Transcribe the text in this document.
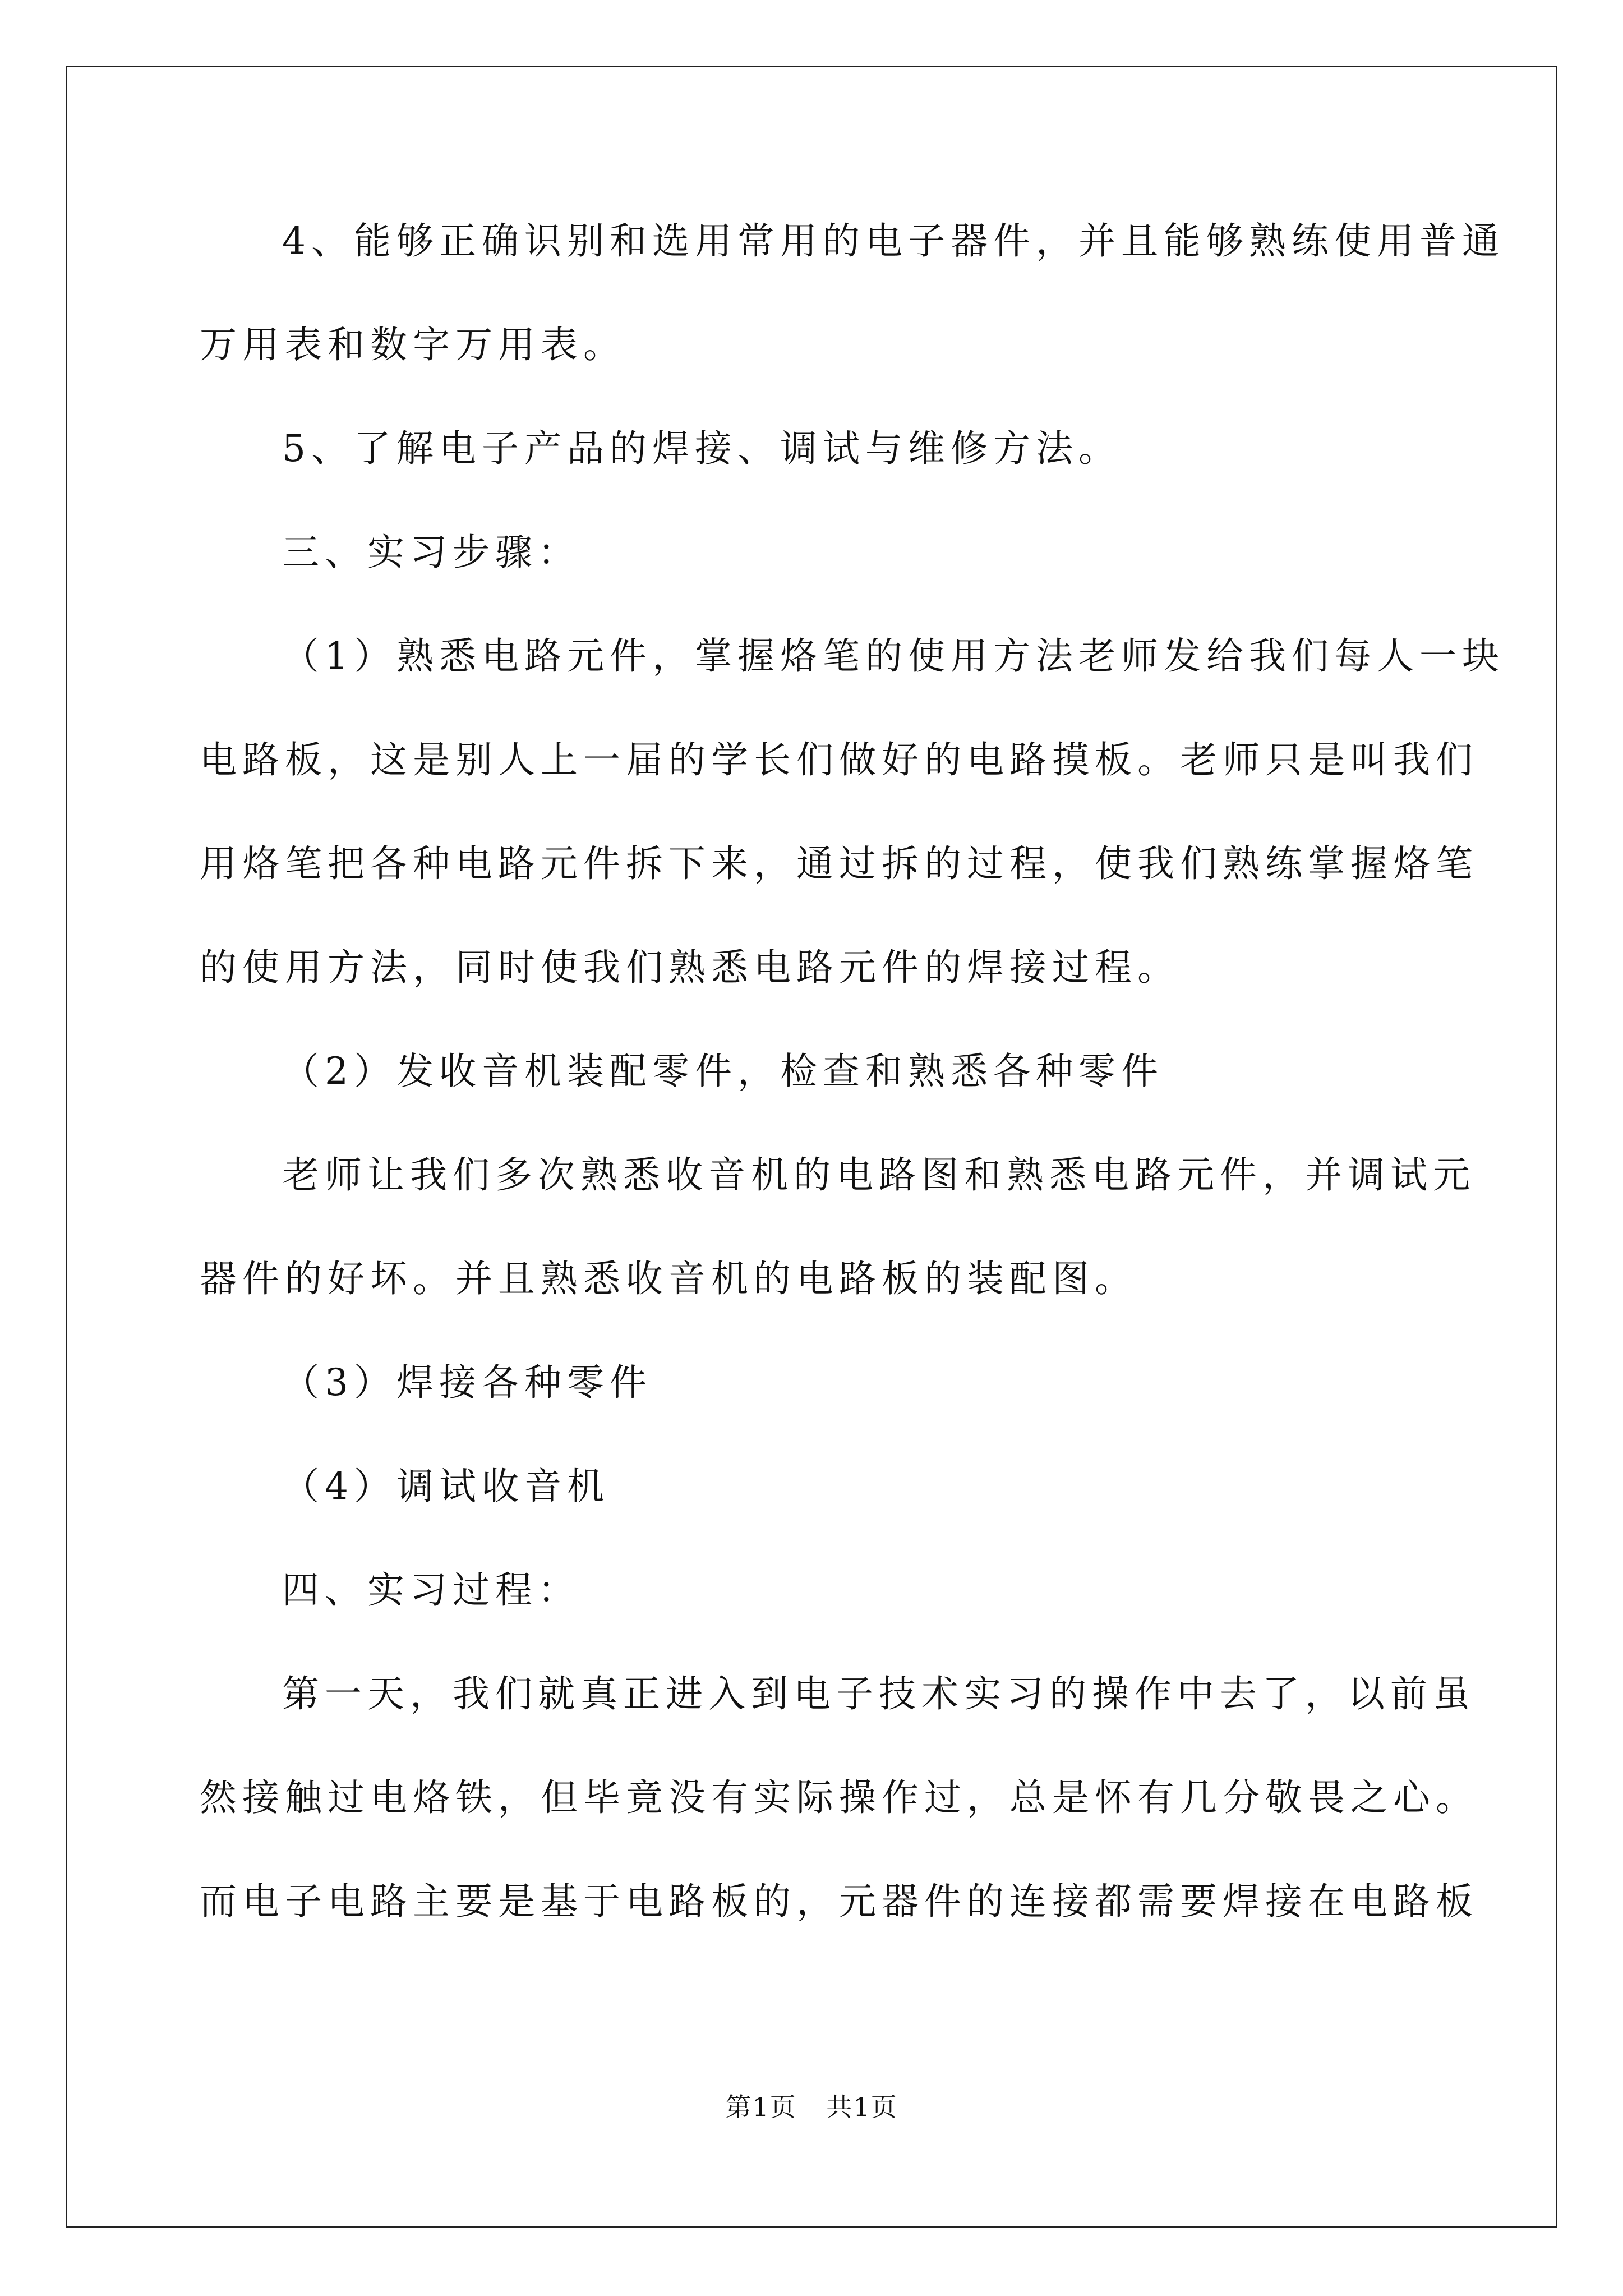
4、能够正确识别和选用常用的电子器件，并且能够熟练使用普通
万用表和数字万用表。
5、了解电子产品的焊接、调试与维修方法。
三、实习步骤：
（1）熟悉电路元件，掌握烙笔的使用方法老师发给我们每人一块
电路板，这是别人上一届的学长们做好的电路摸板。老师只是叫我们
用烙笔把各种电路元件拆下来，通过拆的过程，使我们熟练掌握烙笔
的使用方法，同时使我们熟悉电路元件的焊接过程。
（2）发收音机装配零件，检查和熟悉各种零件
老师让我们多次熟悉收音机的电路图和熟悉电路元件，并调试元
器件的好坏。并且熟悉收音机的电路板的装配图。
（3）焊接各种零件
（4）调试收音机
四、实习过程：
第一天，我们就真正进入到电子技术实习的操作中去了，以前虽
然接触过电烙铁，但毕竟没有实际操作过，总是怀有几分敬畏之心。
而电子电路主要是基于电路板的，元器件的连接都需要焊接在电路板
第1页 共1页
